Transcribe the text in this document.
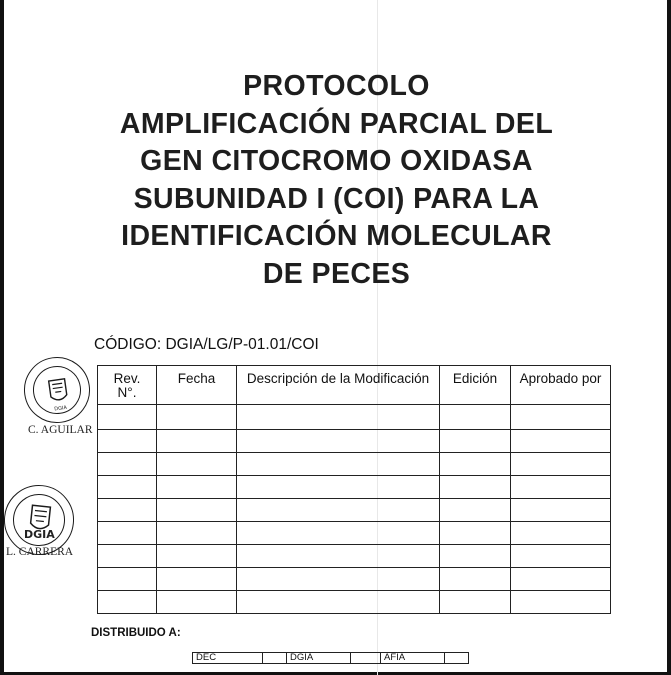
PROTOCOLO
AMPLIFICACIÓN PARCIAL DEL
GEN CITOCROMO OXIDASA
SUBUNIDAD I (COI) PARA LA
IDENTIFICACIÓN MOLECULAR
DE PECES
CÓDIGO: DGIA/LG/P-01.01/COI
DGIA
C. AGUILAR
DGIA
L. CARRERA
Rev.
N°.	Fecha	Descripción de la Modificación	Edición	Aprobado por

DISTRIBUIDO A:
DEC		DGIA		AFIA	
